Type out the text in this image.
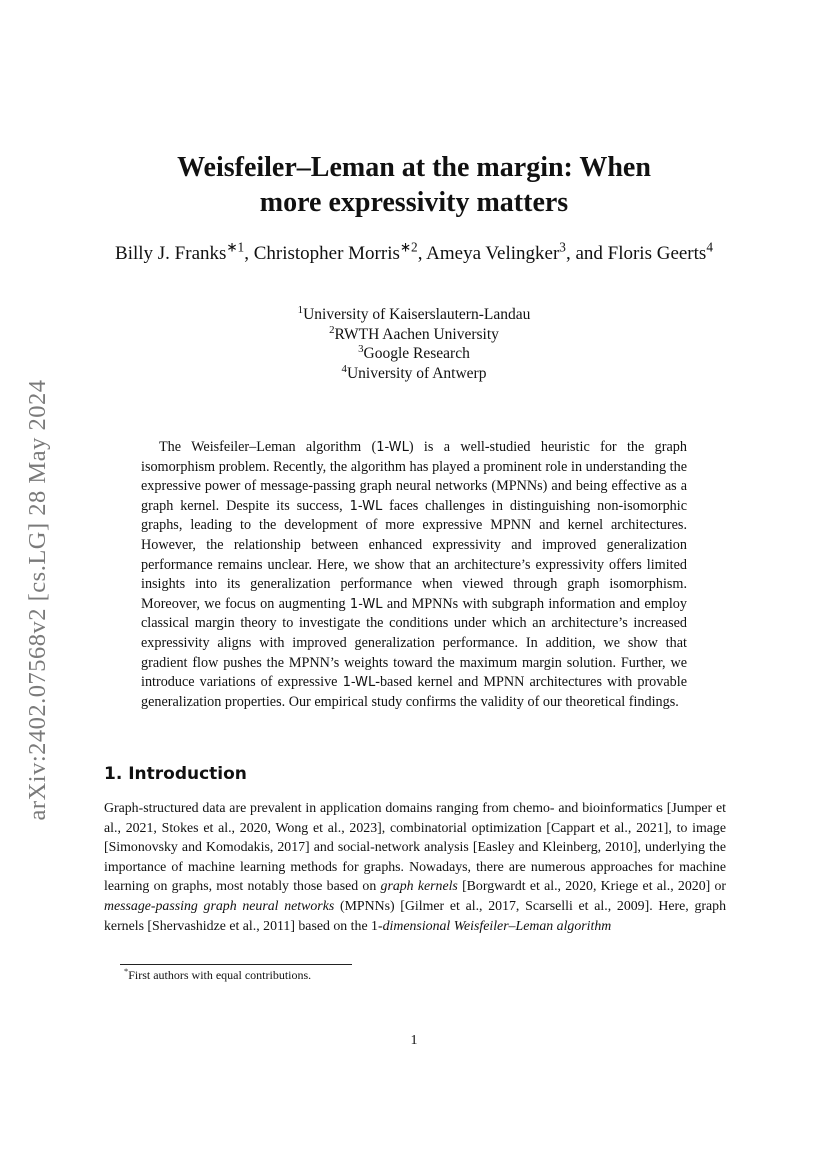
arXiv:2402.07568v2 [cs.LG] 28 May 2024
Weisfeiler–Leman at the margin: When
more expressivity matters
Billy J. Franks$^{∗1}$, Christopher Morris$^{∗2}$, Ameya Velingker$^3$, and Floris Geerts$^4$
$^1$University of Kaiserslautern-Landau
$^2$RWTH Aachen University
$^3$Google Research
$^4$University of Antwerp

The Weisfeiler–Leman algorithm (1-WL) is a well-studied heuristic for the graph isomorphism problem. Recently, the algorithm has played a prominent role in understanding the expressive power of message-passing graph neural networks (MPNNs) and being effective as a graph kernel. Despite its success, 1-WL faces challenges in distinguishing non-isomorphic graphs, leading to the development of more expressive MPNN and kernel architectures. However, the relationship between enhanced expressivity and improved generalization performance remains unclear. Here, we show that an architecture’s expressivity offers limited insights into its generalization performance when viewed through graph isomorphism. Moreover, we focus on augmenting 1-WL and MPNNs with subgraph information and employ classical margin theory to investigate the conditions under which an architecture’s increased expressivity aligns with improved generalization performance. In addition, we show that gradient flow pushes the MPNN’s weights toward the maximum margin solution. Further, we introduce variations of expressive 1-WL-based kernel and MPNN architectures with provable generalization properties. Our empirical study confirms the validity of our theoretical findings.

1. Introduction

Graph-structured data are prevalent in application domains ranging from chemo- and bioinformatics [Jumper et al., 2021, Stokes et al., 2020, Wong et al., 2023], combinatorial optimization [Cappart et al., 2021], to image [Simonovsky and Komodakis, 2017] and social-network analysis [Easley and Kleinberg, 2010], underlying the importance of machine learning methods for graphs. Nowadays, there are numerous approaches for machine learning on graphs, most notably those based on graph kernels [Borgwardt et al., 2020, Kriege et al., 2020] or message-passing graph neural networks (MPNNs) [Gilmer et al., 2017, Scarselli et al., 2009]. Here, graph kernels [Shervashidze et al., 2011] based on the 1-dimensional Weisfeiler–Leman algorithm

*First authors with equal contributions.
1
